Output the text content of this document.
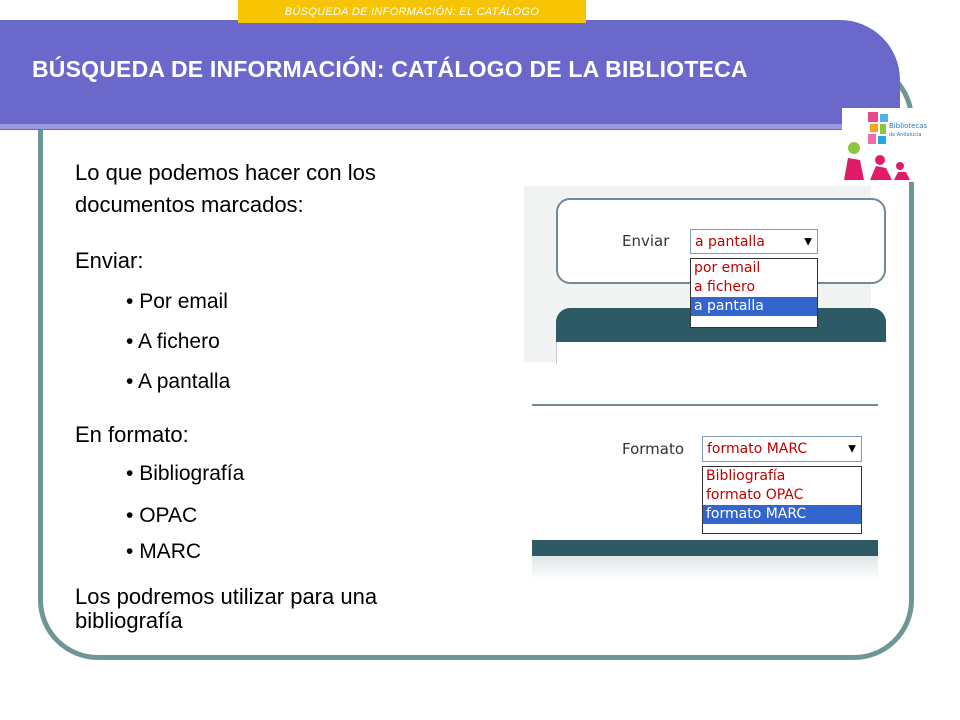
BÚSQUEDA DE INFORMACIÓN: CATÁLOGO DE LA BIBLIOTECA
BÚSQUEDA DE INFORMACIÓN: EL CATÁLOGO
Bibliotecas
de Andalucía
Lo que podemos hacer con los
documentos marcados:
Enviar:
• Por email
• A fichero
• A pantalla
En formato:
• Bibliografía
• OPAC
• MARC
Los podremos utilizar para una
bibliografía
Enviar a pantalla	▼
por email
a fichero
a pantalla
Formato formato MARC	▼
Bibliografía
formato OPAC
formato MARC
